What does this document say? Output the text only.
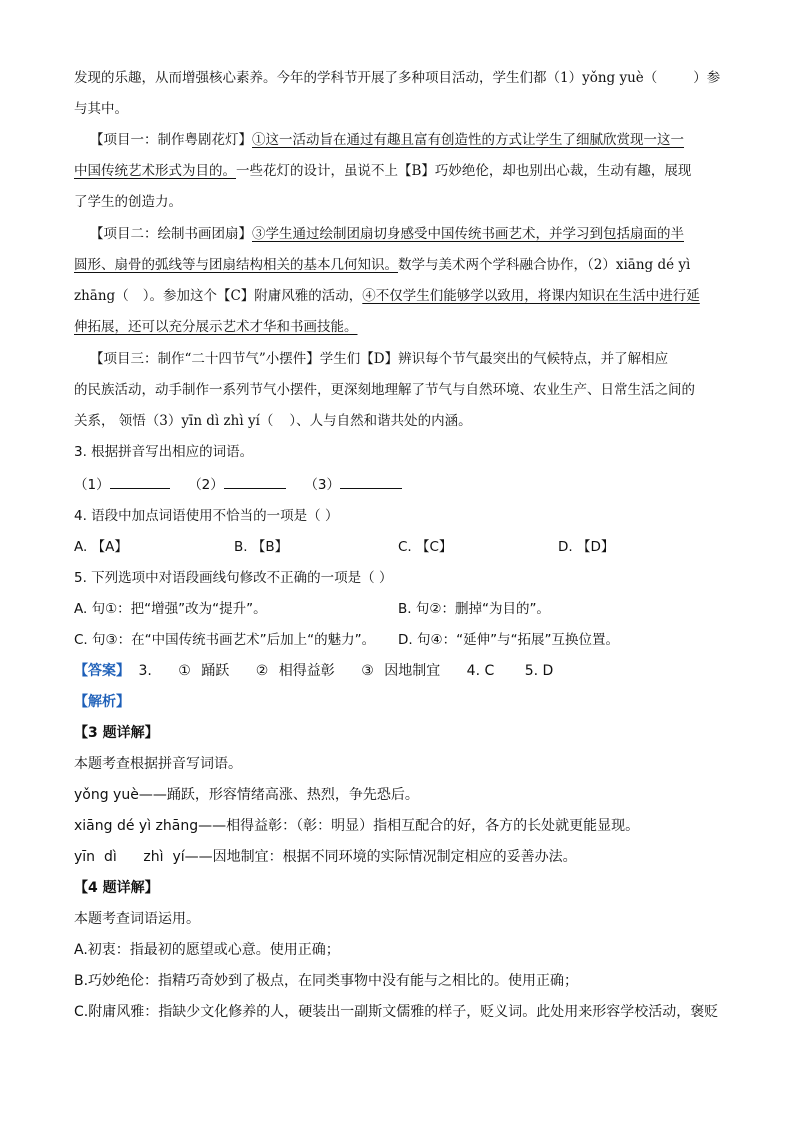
发现的乐趣，从而增强核心素养。今年的学科节开展了多种项目活动，学生们都（1）yǒng yuè（	）参
与其中。
【项目一：制作粤剧花灯】①这一活动旨在通过有趣且富有创造性的方式让学生了细腻欣赏现一这一
中国传统艺术形式为目的。一些花灯的设计，虽说不上【B】巧妙绝伦，却也别出心裁，生动有趣，展现
了学生的创造力。
【项目二：绘制书画团扇】③学生通过绘制团扇切身感受中国传统书画艺术，并学习到包括扇面的半
圆形、扇骨的弧线等与团扇结构相关的基本几何知识。数学与美术两个学科融合协作，（2）xiāng dé yì
zhāng（ ）。参加这个【C】附庸风雅的活动，④不仅学生们能够学以致用，将课内知识在生活中进行延
伸拓展，还可以充分展示艺术才华和书画技能。
【项目三：制作“二十四节气”小摆件】学生们【D】辨识每个节气最突出的气候特点，并了解相应
的民族活动，动手制作一系列节气小摆件，更深刻地理解了节气与自然环境、农业生产、日常生活之间的
关系， 领悟（3）yīn dì zhì yí（ ）、人与自然和谐共处的内涵。
3. 根据拼音写出相应的词语。
（1）	（2）	（3）
4. 语段中加点词语使用不恰当的一项是（ ）
A. 【A】	B. 【B】	C. 【C】	D. 【D】
5. 下列选项中对语段画线句修改不正确的一项是（ ）
A. 句①：把“增强”改为“提升”。	B. 句②：删掉“为目的”。
C. 句③：在“中国传统书画艺术”后加上“的魅力”。 D. 句④：“延伸”与“拓展”互换位置。
【答案】 3. ① 踊跃 ② 相得益彰 ③ 因地制宜 4. C 5. D
【解析】
【3 题详解】
本题考查根据拼音写词语。
yǒng yuè——踊跃，形容情绪高涨、热烈，争先恐后。
xiāng dé yì zhāng——相得益彰：（彰：明显）指相互配合的好，各方的长处就更能显现。
yīn  dì      zhì  yí——因地制宜：根据不同环境的实际情况制定相应的妥善办法。
【4 题详解】
本题考查词语运用。
A.初衷：指最初的愿望或心意。使用正确；
B.巧妙绝伦：指精巧奇妙到了极点，在同类事物中没有能与之相比的。使用正确；
C.附庸风雅：指缺少文化修养的人，硬装出一副斯文儒雅的样子，贬义词。此处用来形容学校活动，褒贬
